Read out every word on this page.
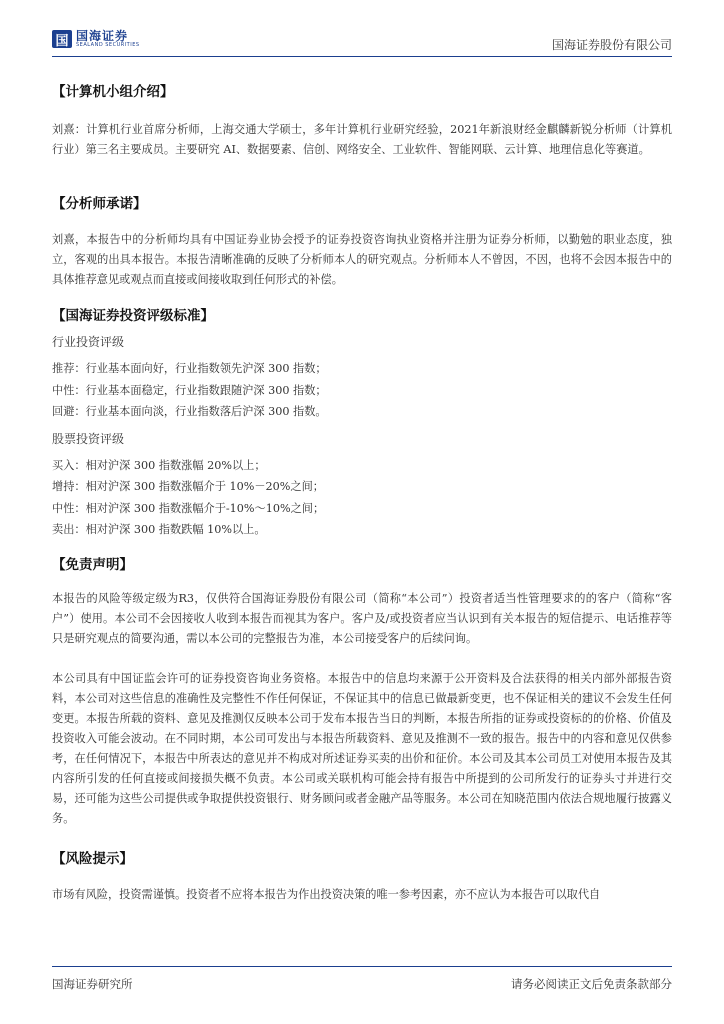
国 国海证券
SEALAND SECURITIES	国海证券股份有限公司

【计算机小组介绍】

刘熹：计算机行业首席分析师，上海交通大学硕士，多年计算机行业研究经验，2021年新浪财经金麒麟新锐分析师（计算机行业）第三名主要成员。主要研究 AI、数据要素、信创、网络安全、工业软件、智能网联、云计算、地理信息化等赛道。

【分析师承诺】

刘熹，本报告中的分析师均具有中国证券业协会授予的证券投资咨询执业资格并注册为证券分析师，以勤勉的职业态度，独立，客观的出具本报告。本报告清晰准确的反映了分析师本人的研究观点。分析师本人不曾因，不因，也将不会因本报告中的具体推荐意见或观点而直接或间接收取到任何形式的补偿。

【国海证券投资评级标准】

行业投资评级

推荐：行业基本面向好，行业指数领先沪深 300 指数；

中性：行业基本面稳定，行业指数跟随沪深 300 指数；

回避：行业基本面向淡，行业指数落后沪深 300 指数。

股票投资评级

买入：相对沪深 300 指数涨幅 20%以上；

增持：相对沪深 300 指数涨幅介于 10%－20%之间；

中性：相对沪深 300 指数涨幅介于-10%～10%之间；

卖出：相对沪深 300 指数跌幅 10%以上。

【免责声明】

本报告的风险等级定级为R3，仅供符合国海证券股份有限公司（简称“本公司”）投资者适当性管理要求的的客户（简称“客户”）使用。本公司不会因接收人收到本报告而视其为客户。客户及/或投资者应当认识到有关本报告的短信提示、电话推荐等只是研究观点的简要沟通，需以本公司的完整报告为准，本公司接受客户的后续问询。

本公司具有中国证监会许可的证券投资咨询业务资格。本报告中的信息均来源于公开资料及合法获得的相关内部外部报告资料，本公司对这些信息的准确性及完整性不作任何保证，不保证其中的信息已做最新变更，也不保证相关的建议不会发生任何变更。本报告所载的资料、意见及推测仅反映本公司于发布本报告当日的判断，本报告所指的证券或投资标的的价格、价值及投资收入可能会波动。在不同时期，本公司可发出与本报告所载资料、意见及推测不一致的报告。报告中的内容和意见仅供参考，在任何情况下，本报告中所表达的意见并不构成对所述证券买卖的出价和征价。本公司及其本公司员工对使用本报告及其内容所引发的任何直接或间接损失概不负责。本公司或关联机构可能会持有报告中所提到的公司所发行的证券头寸并进行交易，还可能为这些公司提供或争取提供投资银行、财务顾问或者金融产品等服务。本公司在知晓范围内依法合规地履行披露义务。

【风险提示】

市场有风险，投资需谨慎。投资者不应将本报告为作出投资决策的唯一参考因素，亦不应认为本报告可以取代自

国海证券研究所	请务必阅读正文后免责条款部分
